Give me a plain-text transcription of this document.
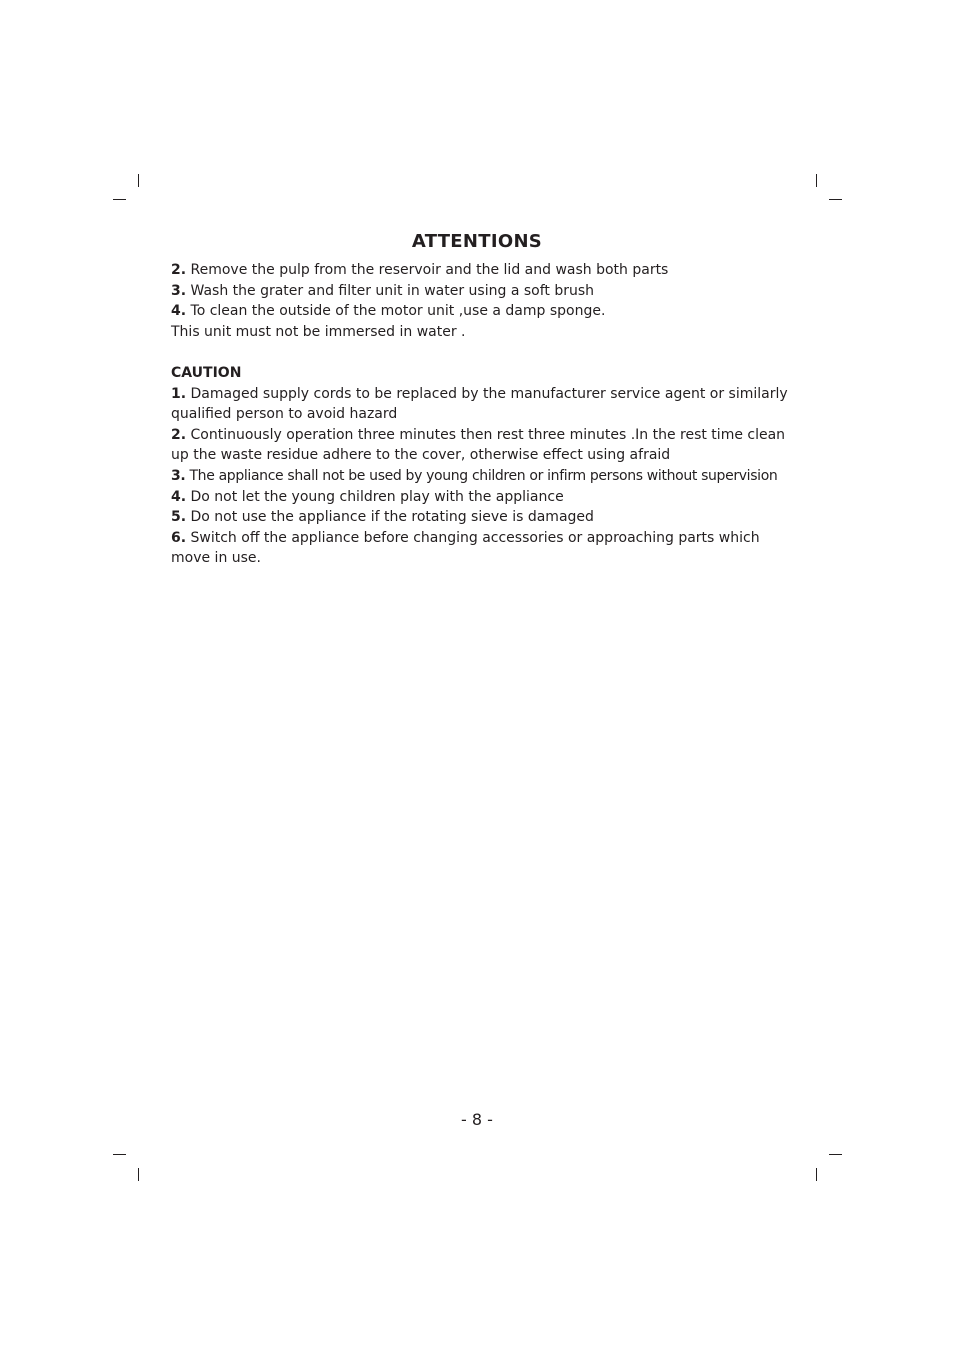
ATTENTIONS

2. Remove the pulp from the reservoir and the lid and wash both parts

3. Wash the grater and filter unit in water using a soft brush

4. To clean the outside of the motor unit ,use a damp sponge.

This unit must not be immersed in water .

CAUTION

1. Damaged supply cords to be replaced by the manufacturer service agent or similarly qualified person to avoid hazard

2. Continuously operation three minutes then rest three minutes .In the rest time clean up the waste residue adhere to the cover, otherwise effect using afraid

3. The appliance shall not be used by young children or infirm persons without supervision

4. Do not let the young children play with the appliance

5. Do not use the appliance if the rotating sieve is damaged

6. Switch off the appliance before changing accessories or approaching parts which move in use.

- 8 -
